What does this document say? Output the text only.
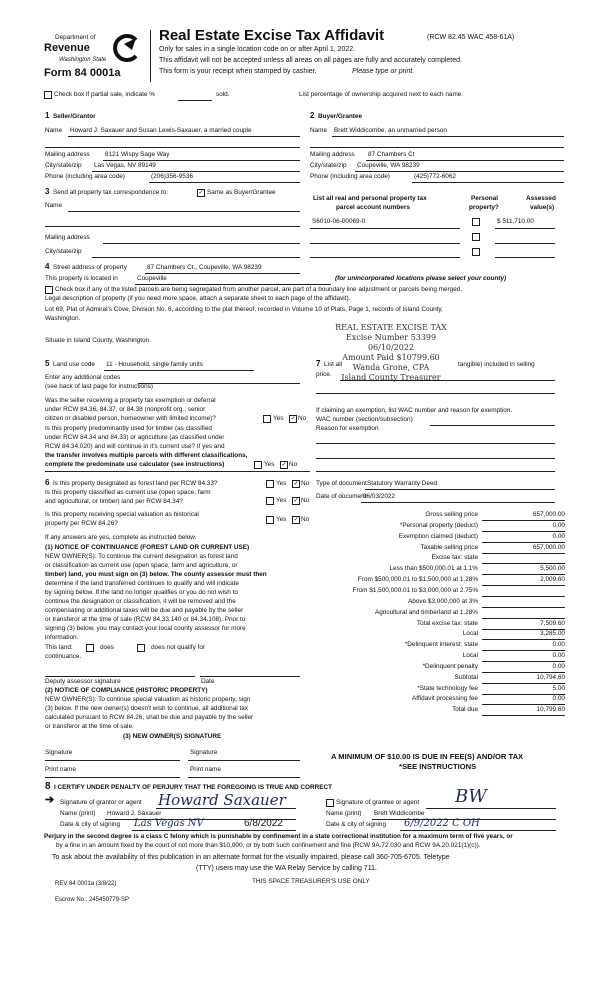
Department of
Revenue
Washington State
Form 84 0001a
Real Estate Excise Tax Affidavit	(RCW 82.45 WAC 458-61A)
Only for sales in a single location code on or after April 1, 2022.
This affidavit will not be accepted unless all areas on all pages are fully and accurately completed.
This form is your receipt when stamped by cashier.	Please type or print.
Check box if partial sale, indicate %	sold.	List percentage of ownership acquired next to each name.
1 Seller/Grantor
Name Howard J. Saxauer and Susan Lewis-Saxauer, a married couple
Mailing address 8121 Wispy Sage Way
City/state/zip Las Vegas, NV 89149
Phone (including area code)	(206)356-9536
2 Buyer/Grantee
Name Brett Widdicombe, an unmarried person
Mailing address 87 Chambers Ct
City/state/zip Coupeville, WA 98239
Phone (including area code)	(425)772-6062
3 Send all property tax correspondence to:	✓ Same as Buyer/Grantee
Name
Mailing address
City/state/zip
List all real and personal property tax
parcel account numbers
Personal
property?
Assessed
value(s)
S6010-06-00069-0	$ 511,710.00
4 Street address of property	87 Chambers Ct., Coupeville, WA 98239
This property is located in	Coupeville	(for unincorporated locations please select your county)
Check box if any of the listed parcels are being segregated from another parcel, are part of a boundary line adjustment or parcels being merged.
Legal description of property (if you need more space, attach a separate sheet to each page of the affidavit).
Lot 69, Plat of Admiral's Cove, Division No. 6, according to the plat thereof, recorded in Volume 10 of Plats, Page 1, records of Island County,
Washington.
Situate in Island County, Washington.
REAL ESTATE EXCISE TAX
Excise Number 53399
06/10/2022
Amount Paid $10799.60
Wanda Grone, CPA
Island County Treasurer
5 Land use code 11 - Household, single family units
Enter any additional codes
(see back of last page for instructions)
Was the seller receiving a property tax exemption or deferral
under RCW 84.36, 84.37, or 84.38 (nonprofit org., senior
citizen or disabled person, homeowner with limited income)?	Yes ✓ No
Is this property predominantly used for timber (as classified
under RCW 84.34 and 84.33) or agriculture (as classified under
RCW 84.34.020) and will continue in it's current use? If yes and
the transfer involves multiple parcels with different classifications,
complete the predominate use calculator (see instructions)	Yes ✓ No
7 List all	tangible) included in selling
price.
If claiming an exemption, list WAC number and reason for exemption.
WAC number (section/subsection)
Reason for exemption
Type of document Statutory Warranty Deed
Date of document
06/03/2022
6 Is this property designated as forest land per RCW 84.33?	Yes ✓ No
Is this property classified as current use (open space, farm
and agricultural, or timber) land per RCW 84.34?	Yes ✓ No
Is this property receiving special valuation as historical
property per RCW 84.26?
Yes ✓ No
If any answers are yes, complete as instructed below.
(1) NOTICE OF CONTINUANCE (FOREST LAND OR CURRENT USE)
NEW OWNER(S): To continue the current designation as forest land
or classification as current use (open space, farm and agriculture, or
timber) land, you must sign on (3) below. The county assessor must then
determine if the land transferred continues to qualify and will indicate
by signing below. If the land no longer qualifies or you do not wish to
continue the designation or classification, it will be removed and the
compensating or additional taxes will be due and payable by the seller
or transferor at the time of sale (RCW 84.33.140 or 84.34.108). Prior to
signing (3) below, you may contact your local county assessor for more
information.
This land:	does	does not qualify for
continuance.
Deputy assessor signature	Date
(2) NOTICE OF COMPLIANCE (HISTORIC PROPERTY)
NEW OWNER(S): To continue special valuation as historic property, sign
(3) below. If the new owner(s) doesn't wish to continue, all additional tax
calculated pursuant to RCW 84.26, shall be due and payable by the seller
or transferor at the time of sale.
(3) NEW OWNER(S) SIGNATURE
Signature	Signature
Print name	Print name
Gross selling price	657,000.00
*Personal property (deduct)	0.00
Exemption claimed (deduct)	0.00
Taxable selling price	657,000.00
Excise tax: state
Less than $500,000.01 at 1.1%	5,500.00
From $500,000.01 to $1,500,000 at 1.28%	2,009.60
From $1,500,000.01 to $3,000,000 at 2.75%
Above $3,000,000 at 3%
Agricultural and timberland at 1.28%
Total excise tax: state	7,509.60
Local	3,285.00
*Delinquent interest: state	0.00
Local	0.00
*Delinquent penalty	0.00
Subtotal	10,794.60
*State technology fee	5.00
Affidavit processing fee	0.00
Total due	10,799.60
A MINIMUM OF $10.00 IS DUE IN FEE(S) AND/OR TAX
*SEE INSTRUCTIONS
8 I CERTIFY UNDER PENALTY OF PERJURY THAT THE FOREGOING IS TRUE AND CORRECT
➔ Signature of grantor or agent Howard Saxauer
Name (print) Howard J. Saxauer
Date & city of signing Las Vegas NV	6/8/2022
Signature of grantee or agent BW
Name (print) Brett Widdicombe
Date & city of signing 6/9/2022 C OH
Perjury in the second degree is a class C felony which is punishable by confinement in a state correctional institution for a maximum term of five years, or
by a fine in an amount fixed by the court of not more than $10,000, or by both such confinement and fine (RCW 9A.72.030 and RCW 9A.20.021(1)(c)).
To ask about the availability of this publication in an alternate format for the visually impaired, please call 360-705-6705. Teletype
(TTY) users may use the WA Relay Service by calling 711.
REV 84 0001a (3/8/22)	THIS SPACE TREASURER'S USE ONLY
Escrow No.: 245450779-SP
